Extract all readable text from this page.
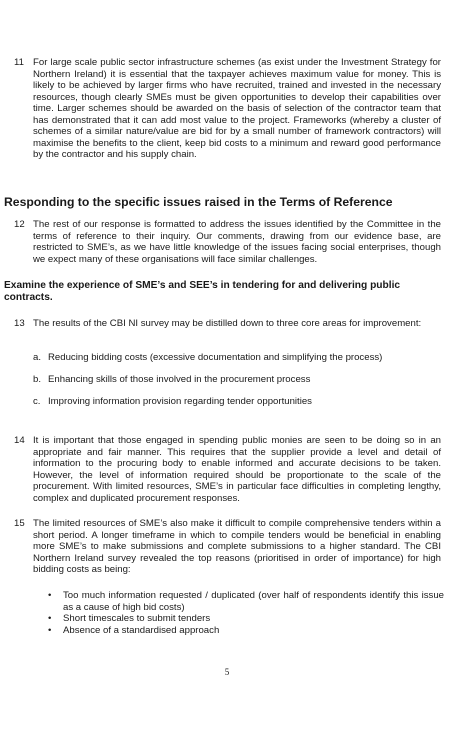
11 For large scale public sector infrastructure schemes (as exist under the Investment Strategy for Northern Ireland) it is essential that the taxpayer achieves maximum value for money. This is likely to be achieved by larger firms who have recruited, trained and invested in the necessary resources, though clearly SMEs must be given opportunities to develop their capabilities over time. Larger schemes should be awarded on the basis of selection of the contractor team that has demonstrated that it can add most value to the project. Frameworks (whereby a cluster of schemes of a similar nature/value are bid for by a small number of framework contractors) will maximise the benefits to the client, keep bid costs to a minimum and reward good performance by the contractor and his supply chain.

Responding to the specific issues raised in the Terms of Reference
12 The rest of our response is formatted to address the issues identified by the Committee in the terms of reference to their inquiry. Our comments, drawing from our evidence base, are restricted to SME’s, as we have little knowledge of the issues facing social enterprises, though we expect many of these organisations will face similar challenges.

Examine the experience of SME’s and SEE’s in tendering for and delivering public contracts.
13 The results of the CBI NI survey may be distilled down to three core areas for improvement:

a. Reducing bidding costs (excessive documentation and simplifying the process)
b. Enhancing skills of those involved in the procurement process
c. Improving information provision regarding tender opportunities
14 It is important that those engaged in spending public monies are seen to be doing so in an appropriate and fair manner. This requires that the supplier provide a level and detail of information to the procuring body to enable informed and accurate decisions to be taken. However, the level of information required should be proportionate to the scale of the procurement. With limited resources, SME’s in particular face difficulties in completing lengthy, complex and duplicated procurement responses.

15 The limited resources of SME’s also make it difficult to compile comprehensive tenders within a short period. A longer timeframe in which to compile tenders would be beneficial in enabling more SME’s to make submissions and complete submissions to a higher standard. The CBI Northern Ireland survey revealed the top reasons (prioritised in order of importance) for high bidding costs as being:

• Too much information requested / duplicated (over half of respondents identify this issue as a cause of high bid costs)
• Short timescales to submit tenders
• Absence of a standardised approach
5
